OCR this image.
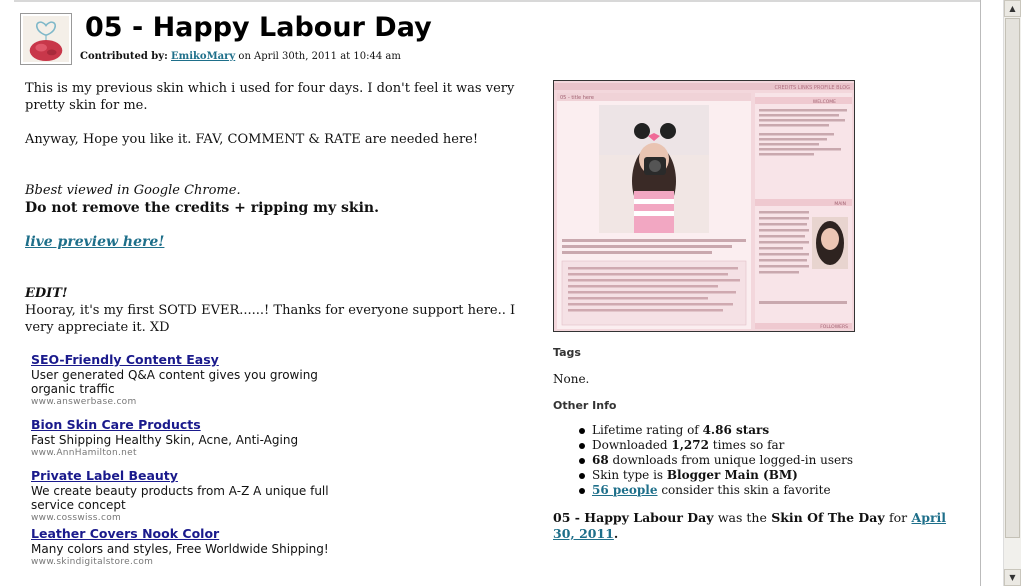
05 - Happy Labour Day
Contributed by: EmikoMary on April 30th, 2011 at 10:44 am

This is my previous skin which i used for four days. I don't feel it was very pretty skin for me.

Anyway, Hope you like it. FAV, COMMENT & RATE are needed here!

Bbest viewed in Google Chrome.

Do not remove the credits + ripping my skin.

live preview here!

EDIT!

Hooray, it's my first SOTD EVER......! Thanks for everyone support here.. I very appreciate it. XD

SEO-Friendly Content Easy
User generated Q&A content gives you growing organic traffic
www.answerbase.com
Bion Skin Care Products
Fast Shipping Healthy Skin, Acne, Anti-Aging
www.AnnHamilton.net
Private Label Beauty
We create beauty products from A-Z A unique full service concept
www.cosswiss.com
Leather Covers Nook Color
Many colors and styles, Free Worldwide Shipping!
www.skindigitalstore.com
CREDITS LINKS PROFILE BLOG
05 - title here
WELCOME
MAIN
FOLLOWERS
Tags
None.
Other Info
Lifetime rating of 4.86 stars
Downloaded 1,272 times so far
68 downloads from unique logged-in users
Skin type is Blogger Main (BM)
56 people consider this skin a favorite
05 - Happy Labour Day was the Skin Of The Day for April 30, 2011.
▲
▼
